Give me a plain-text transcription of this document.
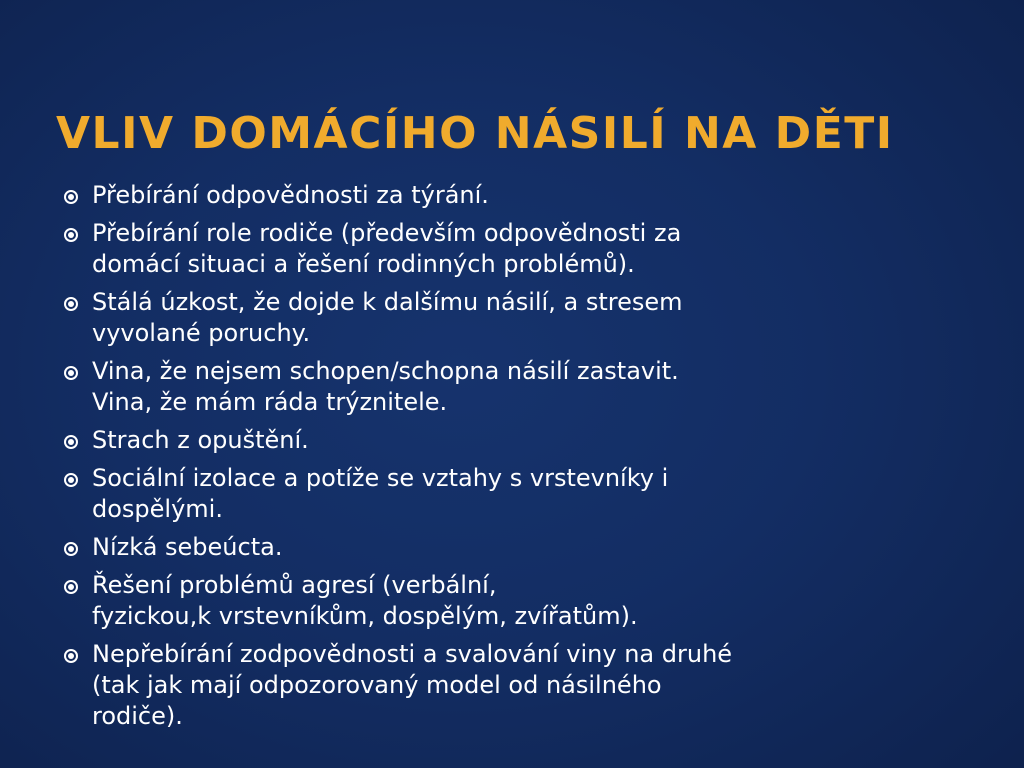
VLIV DOMÁCÍHO NÁSILÍ NA DĚTI
Přebírání odpovědnosti za týrání.
Přebírání role rodiče (především odpovědnosti za
domácí situaci a řešení rodinných problémů).
Stálá úzkost, že dojde k dalšímu násilí, a stresem
vyvolané poruchy.
Vina, že nejsem schopen/schopna násilí zastavit.
Vina, že mám ráda trýznitele.
Strach z opuštění.
Sociální izolace a potíže se vztahy s vrstevníky i
dospělými.
Nízká sebeúcta.
Řešení problémů agresí (verbální,
fyzickou,k vrstevníkům, dospělým, zvířatům).
Nepřebírání zodpovědnosti a svalování viny na druhé
(tak jak mají odpozorovaný model od násilného
rodiče).
